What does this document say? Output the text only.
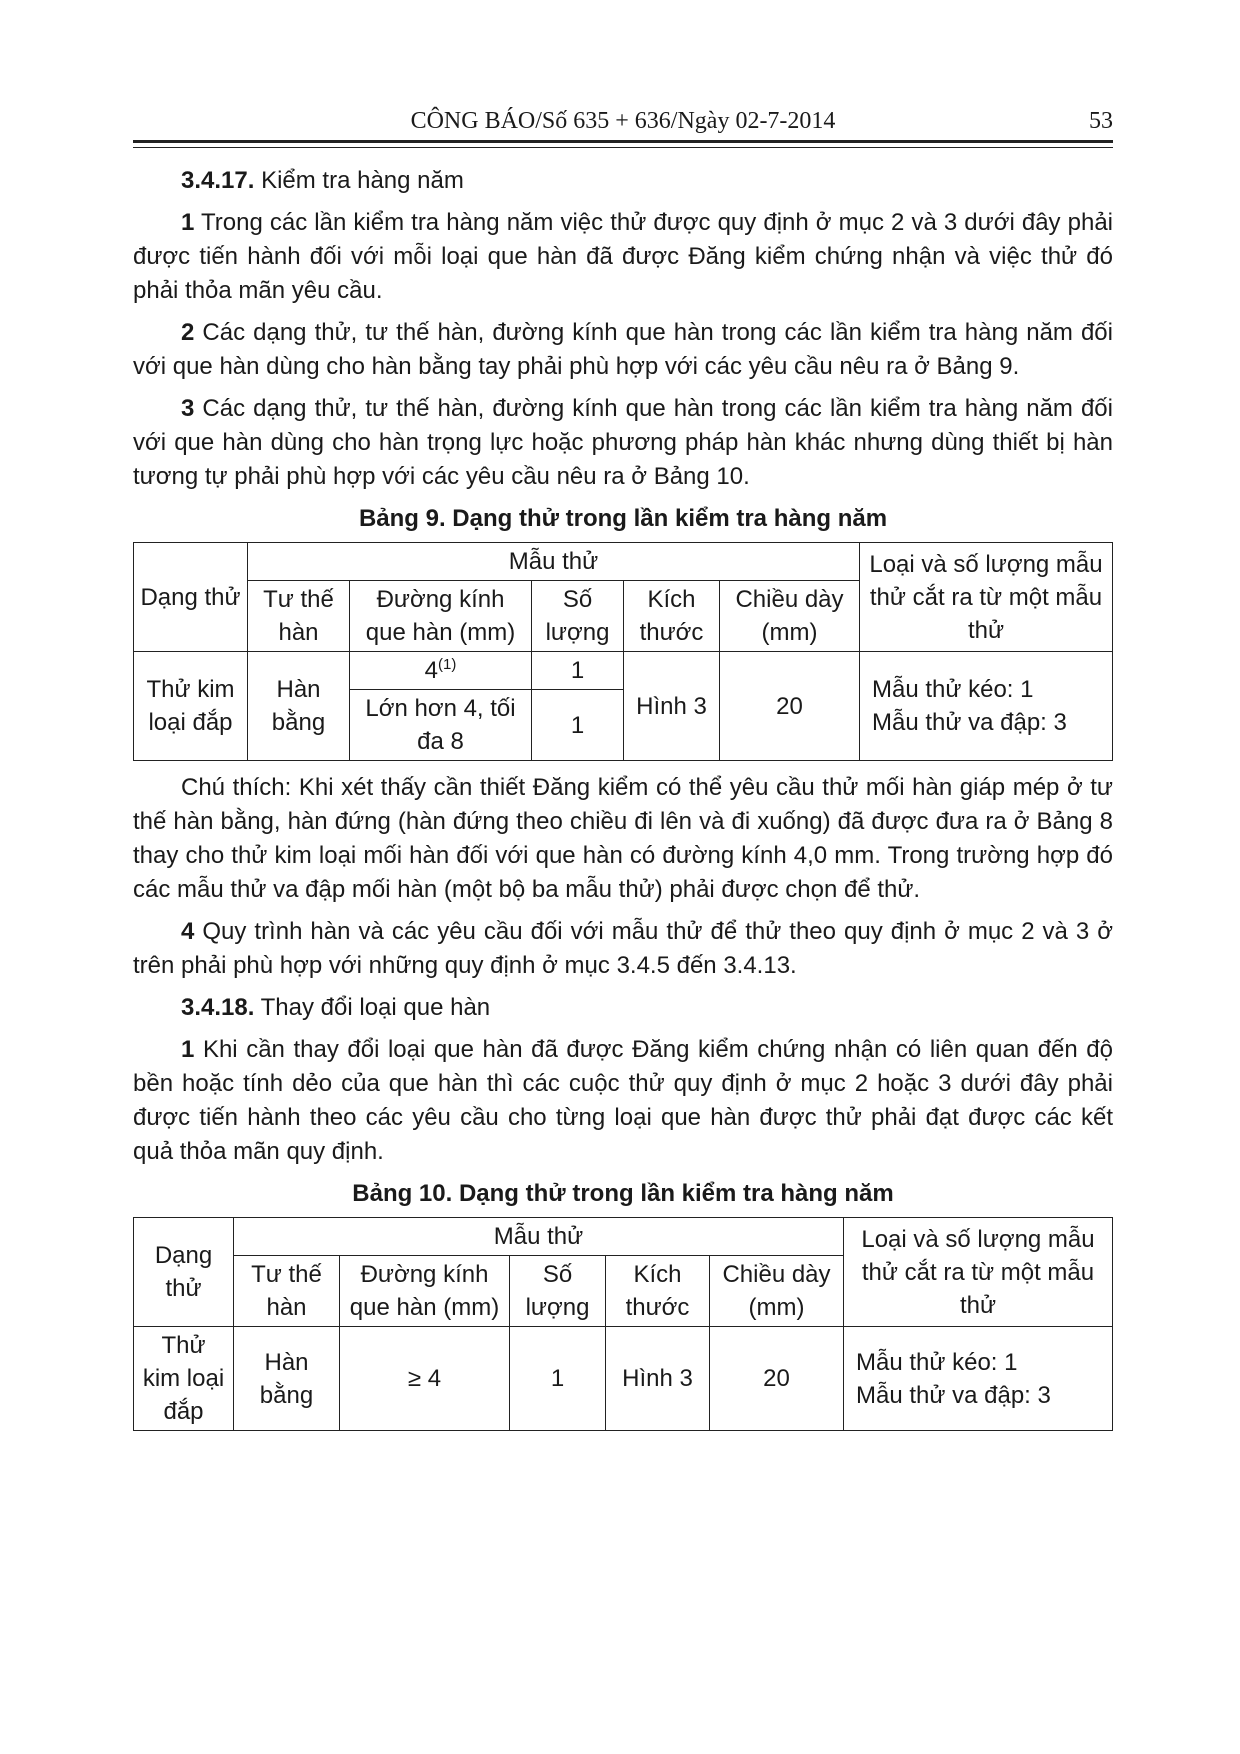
CÔNG BÁO/Số 635 + 636/Ngày 02-7-2014	53

3.4.17. Kiểm tra hàng năm

1 Trong các lần kiểm tra hàng năm việc thử được quy định ở mục 2 và 3 dưới đây phải được tiến hành đối với mỗi loại que hàn đã được Đăng kiểm chứng nhận và việc thử đó phải thỏa mãn yêu cầu.

2 Các dạng thử, tư thế hàn, đường kính que hàn trong các lần kiểm tra hàng năm đối với que hàn dùng cho hàn bằng tay phải phù hợp với các yêu cầu nêu ra ở Bảng 9.

3 Các dạng thử, tư thế hàn, đường kính que hàn trong các lần kiểm tra hàng năm đối với que hàn dùng cho hàn trọng lực hoặc phương pháp hàn khác nhưng dùng thiết bị hàn tương tự phải phù hợp với các yêu cầu nêu ra ở Bảng 10.

Bảng 9. Dạng thử trong lần kiểm tra hàng năm

Dạng thử	Mẫu thử					Loại và số lượng mẫu thử cắt ra từ một mẫu thử
	Tư thế hàn	Đường kính que hàn (mm)	Số lượng	Kích thước	Chiều dày (mm)	
Thử kim loại đắp	Hàn bằng	4$^{(1)}$	1	Hình 3	20	Mẫu thử kéo: 1
Mẫu thử va đập: 3

		Lớn hơn 4, tối đa 8	1			

Chú thích: Khi xét thấy cần thiết Đăng kiểm có thể yêu cầu thử mối hàn giáp mép ở tư thế hàn bằng, hàn đứng (hàn đứng theo chiều đi lên và đi xuống) đã được đưa ra ở Bảng 8 thay cho thử kim loại mối hàn đối với que hàn có đường kính 4,0 mm. Trong trường hợp đó các mẫu thử va đập mối hàn (một bộ ba mẫu thử) phải được chọn để thử.

4 Quy trình hàn và các yêu cầu đối với mẫu thử để thử theo quy định ở mục 2 và 3 ở trên phải phù hợp với những quy định ở mục 3.4.5 đến 3.4.13.

3.4.18. Thay đổi loại que hàn

1 Khi cần thay đổi loại que hàn đã được Đăng kiểm chứng nhận có liên quan đến độ bền hoặc tính dẻo của que hàn thì các cuộc thử quy định ở mục 2 hoặc 3 dưới đây phải được tiến hành theo các yêu cầu cho từng loại que hàn được thử phải đạt được các kết quả thỏa mãn quy định.

Bảng 10. Dạng thử trong lần kiểm tra hàng năm

Dạng thử	Mẫu thử					Loại và số lượng mẫu thử cắt ra từ một mẫu thử
	Tư thế hàn	Đường kính que hàn (mm)	Số lượng	Kích thước	Chiều dày (mm)	
Thử kim loại đắp	Hàn bằng	≥ 4	1	Hình 3	20	Mẫu thử kéo: 1
Mẫu thử va đập: 3
